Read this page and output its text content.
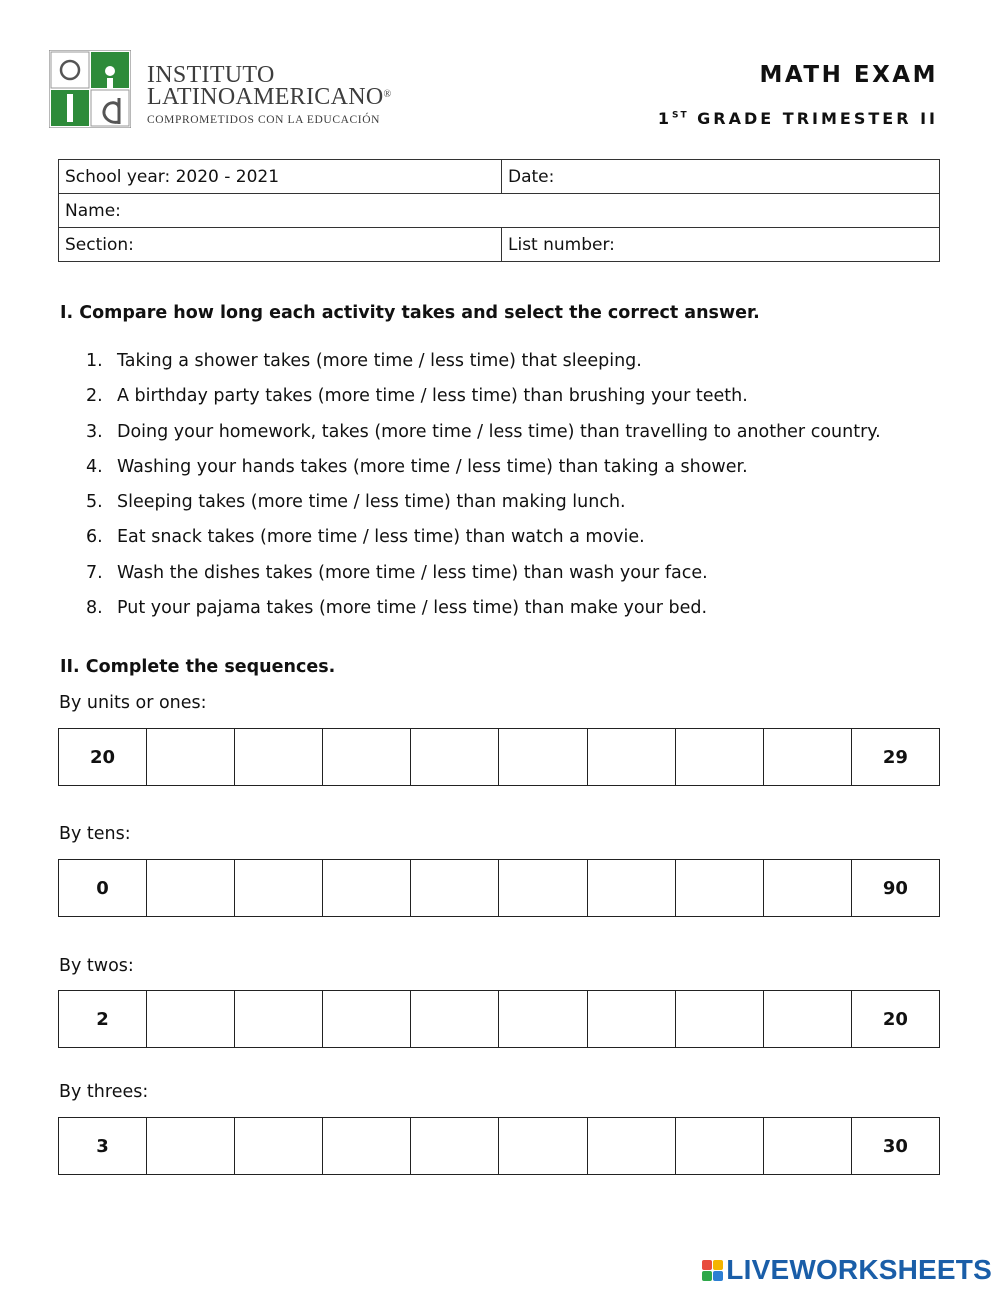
INSTITUTO
LATINOAMERICANO®
COMPROMETIDOS CON LA EDUCACIÓN
MATH EXAM
1ST GRADE TRIMESTER II
School year: 2020 - 2021	Date:
Name:	
Section:	List number:
I. Compare how long each activity takes and select the correct answer.
1. Taking a shower takes (more time / less time) that sleeping.
2. A birthday party takes (more time / less time) than brushing your teeth.
3. Doing your homework, takes (more time / less time) than travelling to another country.
4. Washing your hands takes (more time / less time) than taking a shower.
5. Sleeping takes (more time / less time) than making lunch.
6. Eat snack takes (more time / less time) than watch a movie.
7. Wash the dishes takes (more time / less time) than wash your face.
8. Put your pajama takes (more time / less time) than make your bed.
II. Complete the sequences.
By units or ones:
20									29
By tens:
0									90
By twos:
2									20
By threes:
3									30
LIVEWORKSHEETS
